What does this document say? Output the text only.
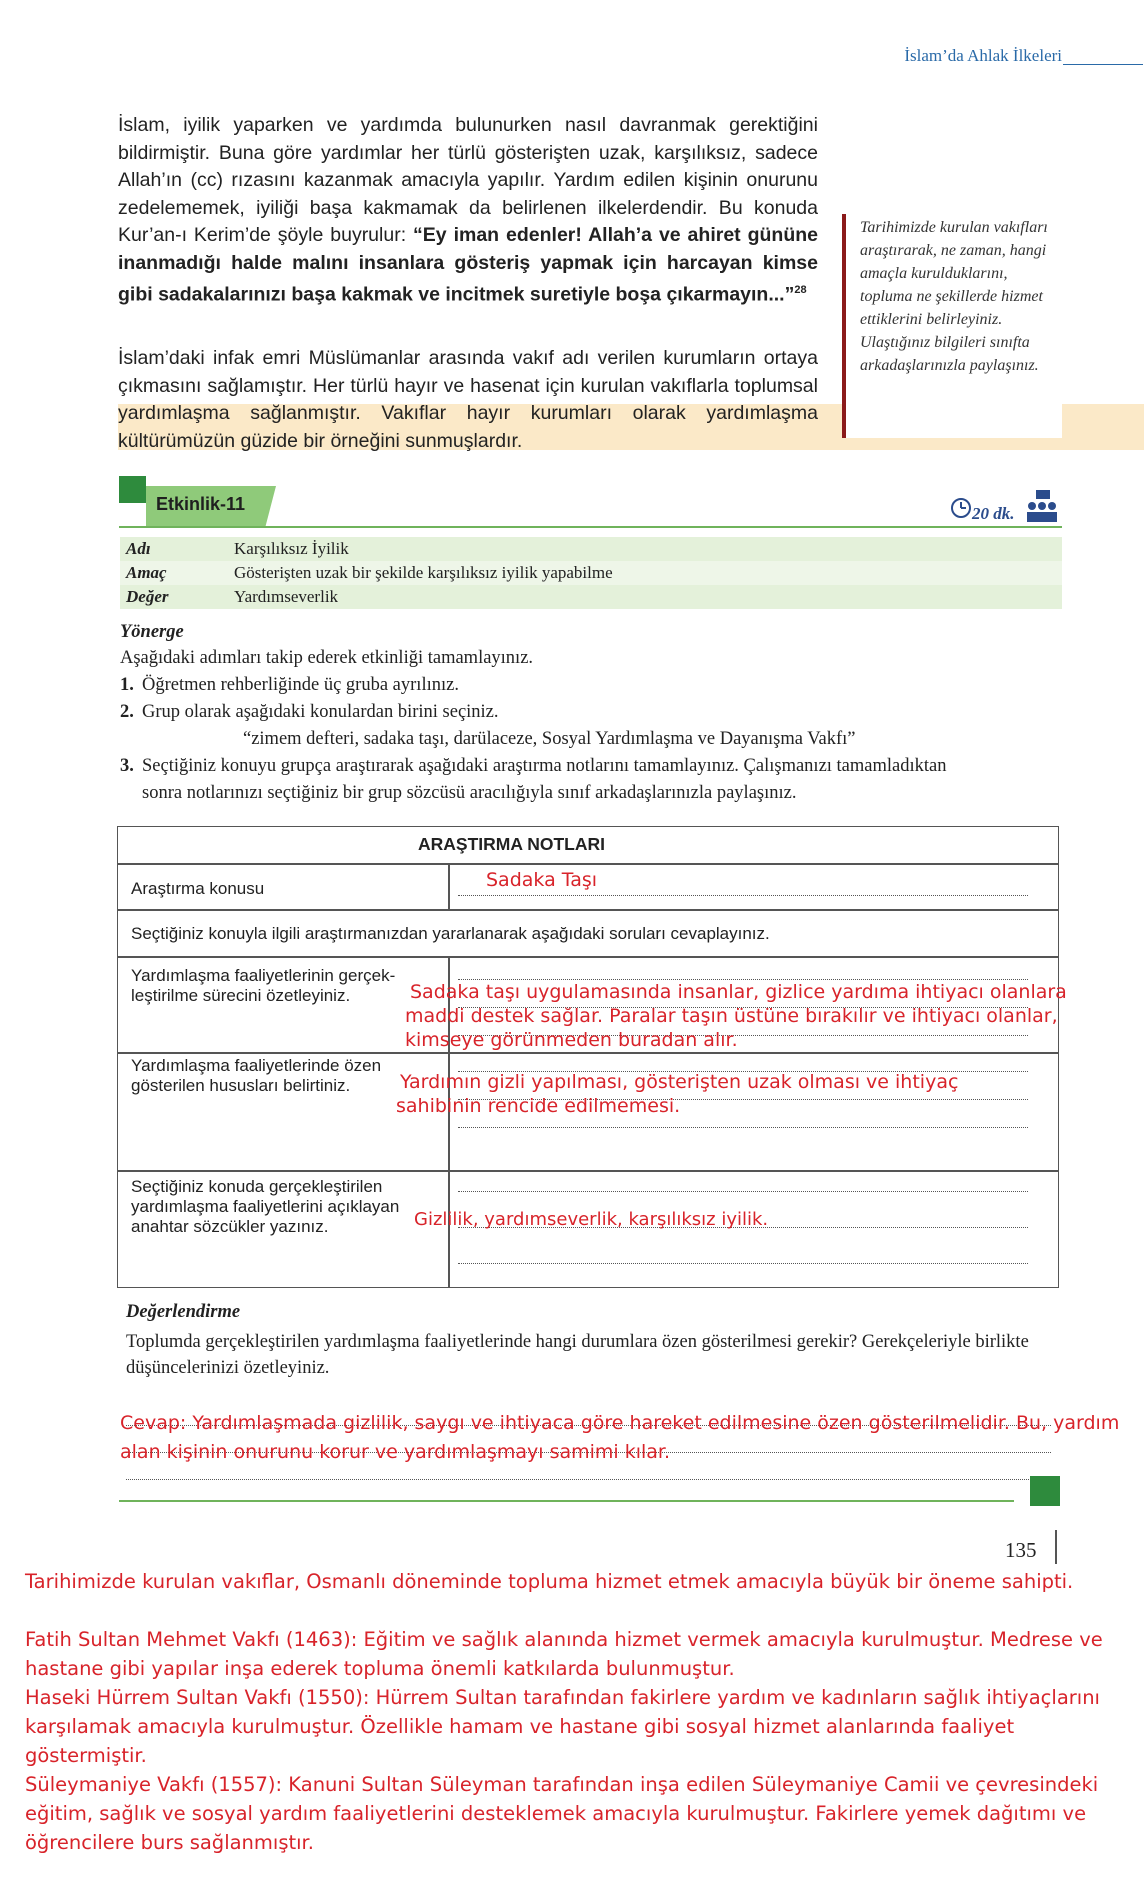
İslam’da Ahlak İlkeleri
İslam, iyilik yaparken ve yardımda bulunurken nasıl davranmak gerektiğini bildirmiştir. Buna göre yardımlar her türlü gösterişten uzak, karşılıksız, sadece Allah’ın (cc) rızasını kazanmak amacıyla yapılır. Yardım edilen kişinin onurunu zedelememek, iyiliği başa kakmamak da belirlenen ilkelerdendir. Bu konuda Kur’an-ı Kerim’de şöyle buyrulur: “Ey iman edenler! Allah’a ve ahiret gününe inanmadığı halde malını insanlara gösteriş yapmak için harcayan kimse gibi sadakalarınızı başa kakmak ve incitmek suretiyle boşa çıkarmayın...”$^{28}$
İslam’daki infak emri Müslümanlar arasında vakıf adı verilen kurumların ortaya çıkmasını sağlamıştır. Her türlü hayır ve hasenat için kurulan vakıflarla toplumsal yardımlaşma sağlanmıştır. Vakıflar hayır kurumları olarak yardımlaşma kültürümüzün güzide bir örneğini sunmuşlardır.
Tarihimizde kurulan vakıfları araştırarak, ne zaman, hangi amaçla kurulduklarını, topluma ne şekillerde hizmet ettiklerini belirleyiniz. Ulaştığınız bilgileri sınıfta arkadaşlarınızla paylaşınız.
Etkinlik-11	20 dk.
Adı	Karşılıksız İyilik
Amaç	Gösterişten uzak bir şekilde karşılıksız iyilik yapabilme
Değer	Yardımseverlik
Yönerge
Aşağıdaki adımları takip ederek etkinliği tamamlayınız.
1. Öğretmen rehberliğinde üç gruba ayrılınız.
2. Grup olarak aşağıdaki konulardan birini seçiniz.
“zimem defteri, sadaka taşı, darülaceze, Sosyal Yardımlaşma ve Dayanışma Vakfı”
3. Seçtiğiniz konuyu grupça araştırarak aşağıdaki araştırma notlarını tamamlayınız. Çalışmanızı tamamladıktan
sonra notlarınızı seçtiğiniz bir grup sözcüsü aracılığıyla sınıf arkadaşlarınızla paylaşınız.
ARAŞTIRMA NOTLARI
Araştırma konusu	Sadaka Taşı
Seçtiğiniz konuyla ilgili araştırmanızdan yararlanarak aşağıdaki soruları cevaplayınız.
Yardımlaşma faaliyetlerinin gerçek-
leştirilme sürecini özetleyiniz.	Sadaka taşı uygulamasında insanlar, gizlice yardıma ihtiyacı olanlara
maddi destek sağlar. Paralar taşın üstüne bırakılır ve ihtiyacı olanlar,
kimseye görünmeden buradan alır.
Yardımlaşma faaliyetlerinde özen
gösterilen hususları belirtiniz.	Yardımın gizli yapılması, gösterişten uzak olması ve ihtiyaç
sahibinin rencide edilmemesi.
Seçtiğiniz konuda gerçekleştirilen
yardımlaşma faaliyetlerini açıklayan
anahtar sözcükler yazınız.	Gizlilik, yardımseverlik, karşılıksız iyilik.
Değerlendirme
Toplumda gerçekleştirilen yardımlaşma faaliyetlerinde hangi durumlara özen gösterilmesi gerekir? Gerekçeleriyle birlikte düşüncelerinizi özetleyiniz.
Cevap: Yardımlaşmada gizlilik, saygı ve ihtiyaca göre hareket edilmesine özen gösterilmelidir. Bu, yardım
alan kişinin onurunu korur ve yardımlaşmayı samimi kılar.
135
Tarihimizde kurulan vakıflar, Osmanlı döneminde topluma hizmet etmek amacıyla büyük bir öneme sahipti.
Fatih Sultan Mehmet Vakfı (1463): Eğitim ve sağlık alanında hizmet vermek amacıyla kurulmuştur. Medrese ve hastane gibi yapılar inşa ederek topluma önemli katkılarda bulunmuştur.
Haseki Hürrem Sultan Vakfı (1550): Hürrem Sultan tarafından fakirlere yardım ve kadınların sağlık ihtiyaçlarını karşılamak amacıyla kurulmuştur. Özellikle hamam ve hastane gibi sosyal hizmet alanlarında faaliyet göstermiştir.
Süleymaniye Vakfı (1557): Kanuni Sultan Süleyman tarafından inşa edilen Süleymaniye Camii ve çevresindeki eğitim, sağlık ve sosyal yardım faaliyetlerini desteklemek amacıyla kurulmuştur. Fakirlere yemek dağıtımı ve öğrencilere burs sağlanmıştır.
